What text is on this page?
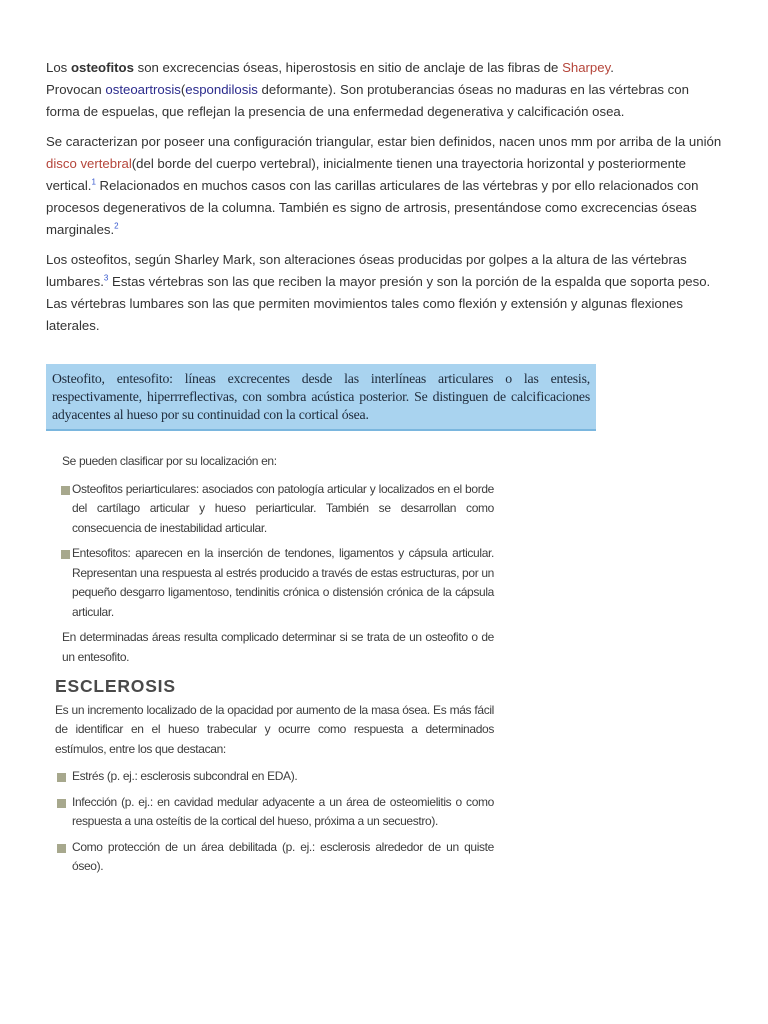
Los osteofitos son excrecencias óseas, hiperostosis en sitio de anclaje de las fibras de Sharpey.
Provocan osteoartrosis(espondilosis deformante). Son protuberancias óseas no maduras en las vértebras con forma de espuelas, que reflejan la presencia de una enfermedad degenerativa y calcificación osea.

Se caracterizan por poseer una configuración triangular, estar bien definidos, nacen unos mm por arriba de la unión disco vertebral(del borde del cuerpo vertebral), inicialmente tienen una trayectoria horizontal y posteriormente vertical.$^1$ Relacionados en muchos casos con las carillas articulares de las vértebras y por ello relacionados con procesos degenerativos de la columna. También es signo de artrosis, presentándose como excrecencias óseas marginales.$^2$

Los osteofitos, según Sharley Mark, son alteraciones óseas producidas por golpes a la altura de las vértebras lumbares.$^3$ Estas vértebras son las que reciben la mayor presión y son la porción de la espalda que soporta peso. Las vértebras lumbares son las que permiten movimientos tales como flexión y extensión y algunas flexiones laterales.

Osteofito, entesofito: líneas excrecentes desde las interlíneas articulares o las entesis, respectivamente, hiperrreflectivas, con sombra acústica posterior. Se distinguen de calcificaciones adyacentes al hueso por su continuidad con la cortical ósea.

Se pueden clasificar por su localización en:

Osteofitos periarticulares: asociados con patología articular y localizados en el borde del cartílago articular y hueso periarticular. También se desarrollan como consecuencia de inestabilidad articular.
Entesofitos: aparecen en la inserción de tendones, ligamentos y cápsula articular. Representan una respuesta al estrés producido a través de estas estructuras, por un pequeño desgarro ligamentoso, tendinitis crónica o distensión crónica de la cápsula articular.

En determinadas áreas resulta complicado determinar si se trata de un osteofito o de un entesofito.

ESCLEROSIS

Es un incremento localizado de la opacidad por aumento de la masa ósea. Es más fácil de identificar en el hueso trabecular y ocurre como respuesta a determinados estímulos, entre los que destacan:

Estrés (p. ej.: esclerosis subcondral en EDA).
Infección (p. ej.: en cavidad medular adyacente a un área de osteomielitis o como respuesta a una osteítis de la cortical del hueso, próxima a un secuestro).
Como protección de un área debilitada (p. ej.: esclerosis alrededor de un quiste óseo).
